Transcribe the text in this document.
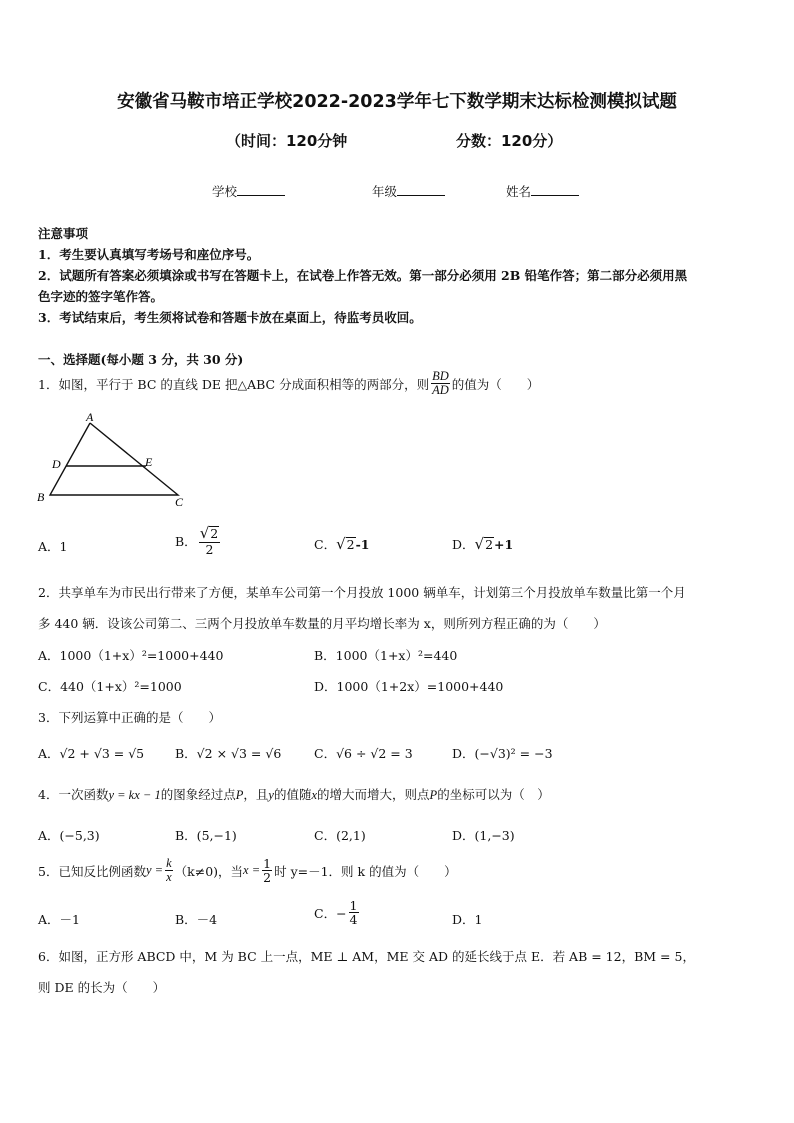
安徽省马鞍市培正学校2022-2023学年七下数学期末达标检测模拟试题
（时间：120分钟	分数：120分）
学校	年级	姓名
注意事项
1．考生要认真填写考场号和座位序号。
2．试题所有答案必须填涂或书写在答题卡上，在试卷上作答无效。第一部分必须用 2B 铅笔作答；第二部分必须用黑
色字迹的签字笔作答。
3．考试结束后，考生须将试卷和答题卡放在桌面上，待监考员收回。
一、选择题(每小题 3 分，共 30 分)
1．如图，平行于 BC 的直线 DE 把△ABC 分成面积相等的两部分，则 $\frac{BD}{AD}$ 的值为（　　）
A
D	E
B	C
A．1	B． $\frac{√2}{2}$	C．√2-1	D．√2+1
2．共享单车为市民出行带来了方便，某单车公司第一个月投放 1000 辆单车，计划第三个月投放单车数量比第一个月
多 440 辆．设该公司第二、三两个月投放单车数量的月平均增长率为 x，则所列方程正确的为（　　）
A．1000（1+x）²=1000+440	B．1000（1+x）²=440
C．440（1+x）²=1000	D．1000（1+2x）=1000+440
3．下列运算中正确的是（　　）
A．√2 + √3 = √5 B．√2 × √3 = √6	C．√6 ÷ √2 = 3	D．(−√3)² = −3
4．一次函数y = kx − 1的图象经过点P，且y的值随x的增大而增大，则点P的坐标可以为（　）
A．(−5,3)	B．(5,−1)	C．(2,1)	D．(1,−3)
5．已知反比例函数 $y = \frac{k}{x} (k\ne 0)$，当 $x = \frac{1}{2}$ 时 y=－1．则 k 的值为（　　）
A．－1	B．－4	C．− $\frac{1}{4}$	D．1
6．如图，正方形 ABCD 中，M 为 BC 上一点，ME ⊥ AM，ME 交 AD 的延长线于点 E．若 AB = 12，BM = 5，
则 DE 的长为（　　）
